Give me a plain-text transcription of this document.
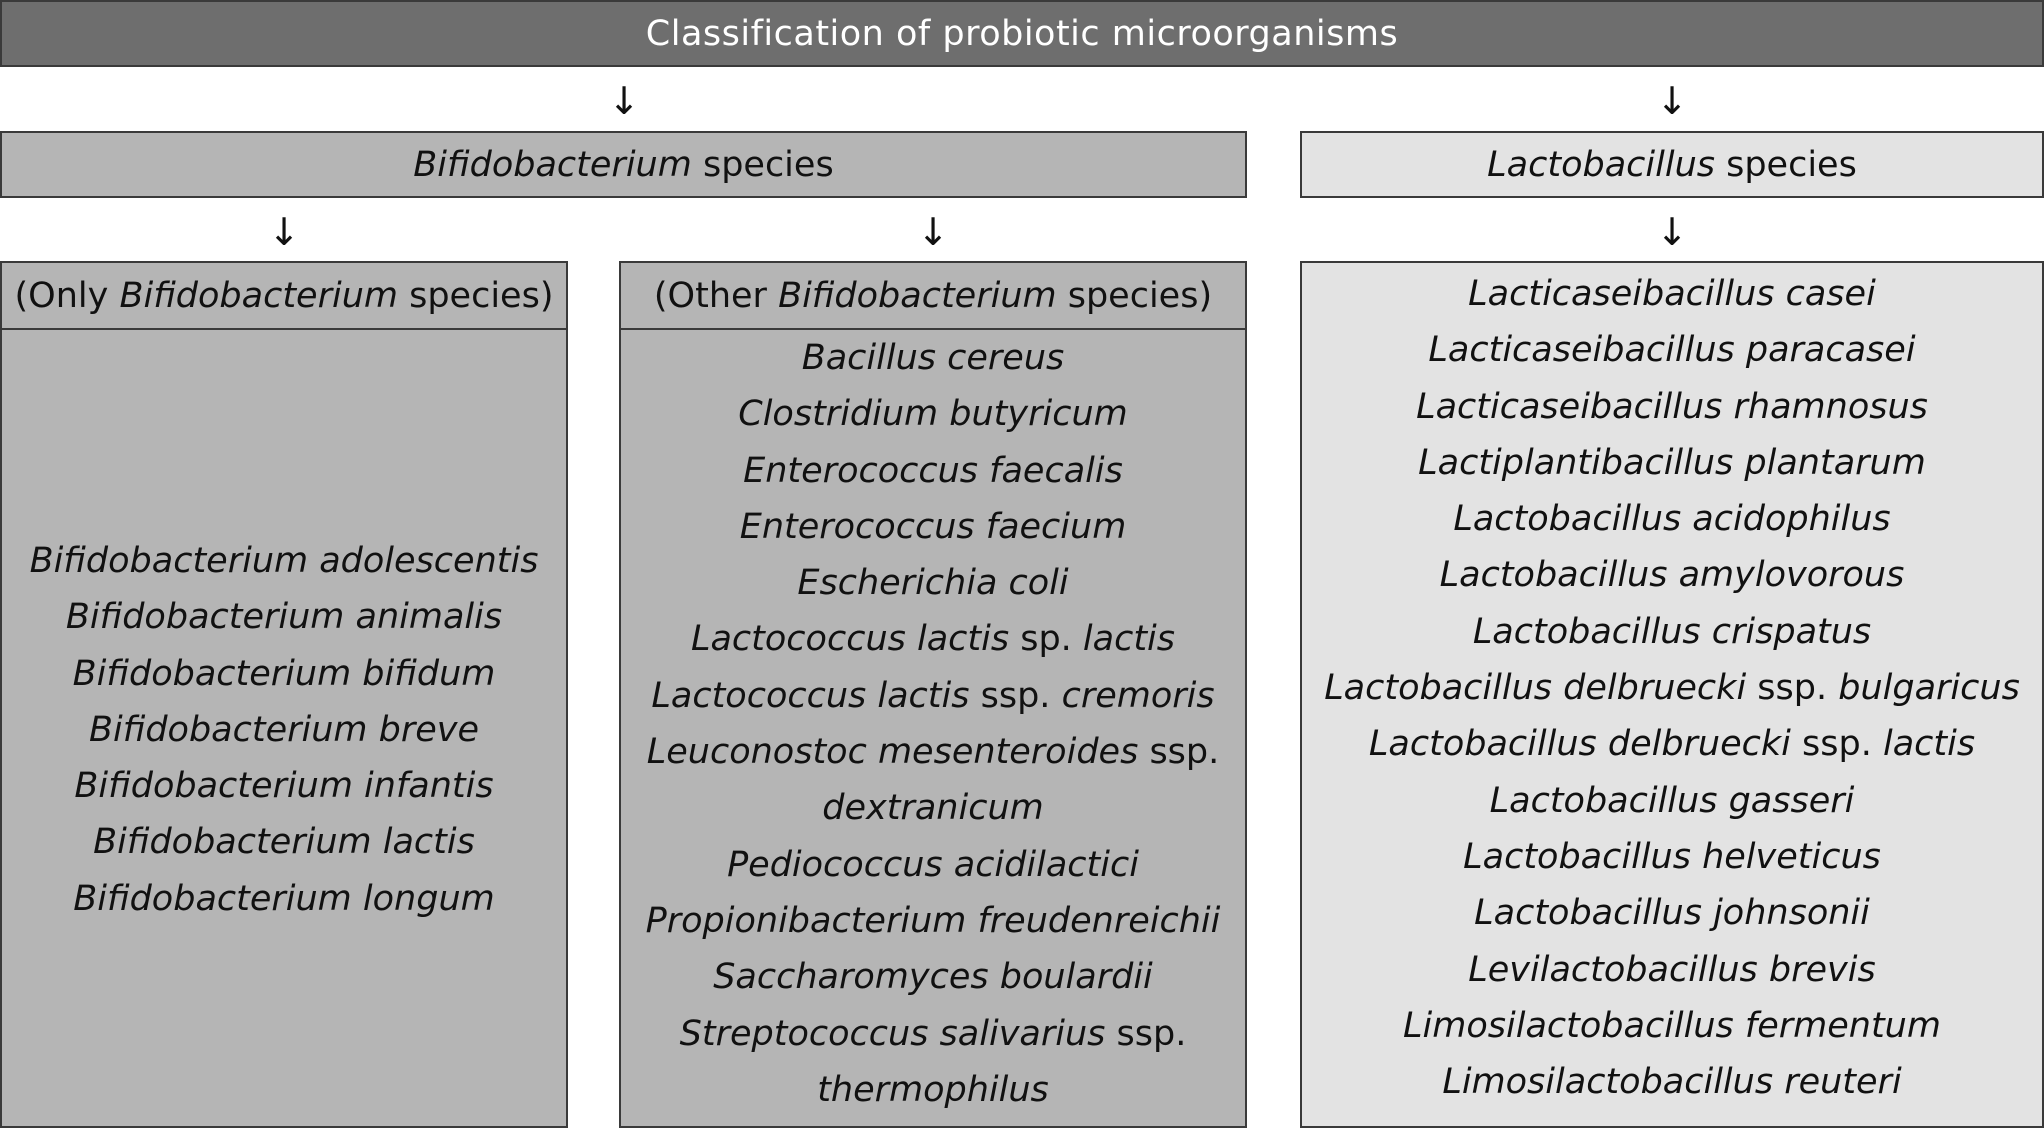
Classification of probiotic microorganisms
↓	↓
Bifidobacterium species	Lactobacillus species
↓	↓	↓
(Only Bifidobacterium species)
Bifidobacterium adolescentis
Bifidobacterium animalis
Bifidobacterium bifidum
Bifidobacterium breve
Bifidobacterium infantis
Bifidobacterium lactis
Bifidobacterium longum
(Other Bifidobacterium species)
Bacillus cereus
Clostridium butyricum
Enterococcus faecalis
Enterococcus faecium
Escherichia coli
Lactococcus lactis sp. lactis
Lactococcus lactis ssp. cremoris
Leuconostoc mesenteroides ssp.
dextranicum
Pediococcus acidilactici
Propionibacterium freudenreichii
Saccharomyces boulardii
Streptococcus salivarius ssp.
thermophilus
Lacticaseibacillus casei
Lacticaseibacillus paracasei
Lacticaseibacillus rhamnosus
Lactiplantibacillus plantarum
Lactobacillus acidophilus
Lactobacillus amylovorous
Lactobacillus crispatus
Lactobacillus delbruecki ssp. bulgaricus
Lactobacillus delbruecki ssp. lactis
Lactobacillus gasseri
Lactobacillus helveticus
Lactobacillus johnsonii
Levilactobacillus brevis
Limosilactobacillus fermentum
Limosilactobacillus reuteri
